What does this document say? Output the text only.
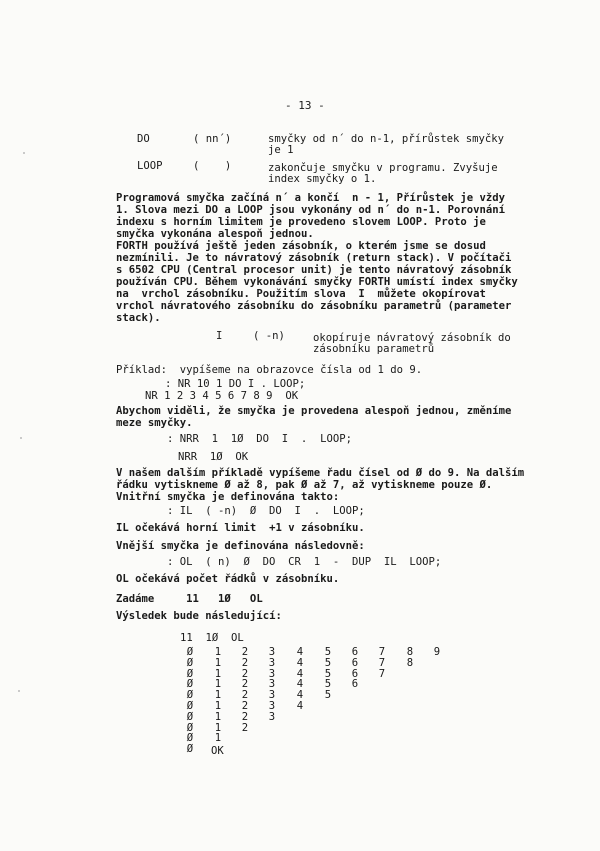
- 13 -
DO	( nn´)	smyčky od n´ do n-1, přírůstek smyčky
je 1
LOOP	(    )	zakončuje smyčku v programu. Zvyšuje
index smyčky o 1.
Programová smyčka začíná n´ a končí  n - 1, Přírůstek je vždy
1. Slova mezi DO a LOOP jsou vykonány od n´ do n-1. Porovnání
indexu s horním limitem je provedeno slovem LOOP. Proto je
smyčka vykonána alespoň jednou.
FORTH používá ještě jeden zásobník, o kterém jsme se dosud
nezmínili. Je to návratový zásobník (return stack). V počítači
s 6502 CPU (Central procesor unit) je tento návratový zásobník
používán CPU. Během vykonávání smyčky FORTH umístí index smyčky
na  vrchol zásobníku. Použitím slova  I  můžete okopírovat
vrchol návratového zásobníku do zásobníku parametrů (parameter
stack).
I	( -n)	okopíruje návratový zásobník do
zásobníku parametrů
Příklad:  vypíšeme na obrazovce čísla od 1 do 9.
: NR 10 1 DO I . LOOP;
NR 1 2 3 4 5 6 7 8 9  OK
Abychom viděli, že smyčka je provedena alespoň jednou, změníme
meze smyčky.
: NRR  1  1Ø  DO  I  .  LOOP;
NRR  1Ø  OK
V našem dalším příkladě vypíšeme řadu čísel od Ø do 9. Na dalším
řádku vytiskneme Ø až 8, pak Ø až 7, až vytiskneme pouze Ø.
Vnitřní smyčka je definována takto:
: IL  ( -n)  Ø  DO  I  .  LOOP;
IL očekává horní limit  +1 v zásobníku.
Vnější smyčka je definována následovně:
: OL  ( n)  Ø  DO  CR  1  -  DUP  IL  LOOP;
OL očekává počet řádků v zásobníku.
Zadáme     11   1Ø   OL
Výsledek bude následující:
11  1Ø  OL
Ø	1	2	3	4	5	6	7	8	9
Ø	1	2	3	4	5	6	7	8
Ø	1	2	3	4	5	6	7
Ø	1	2	3	4	5	6
Ø	1	2	3	4	5
Ø	1	2	3	4
Ø	1	2	3
Ø	1	2
Ø	1
Ø	OK
